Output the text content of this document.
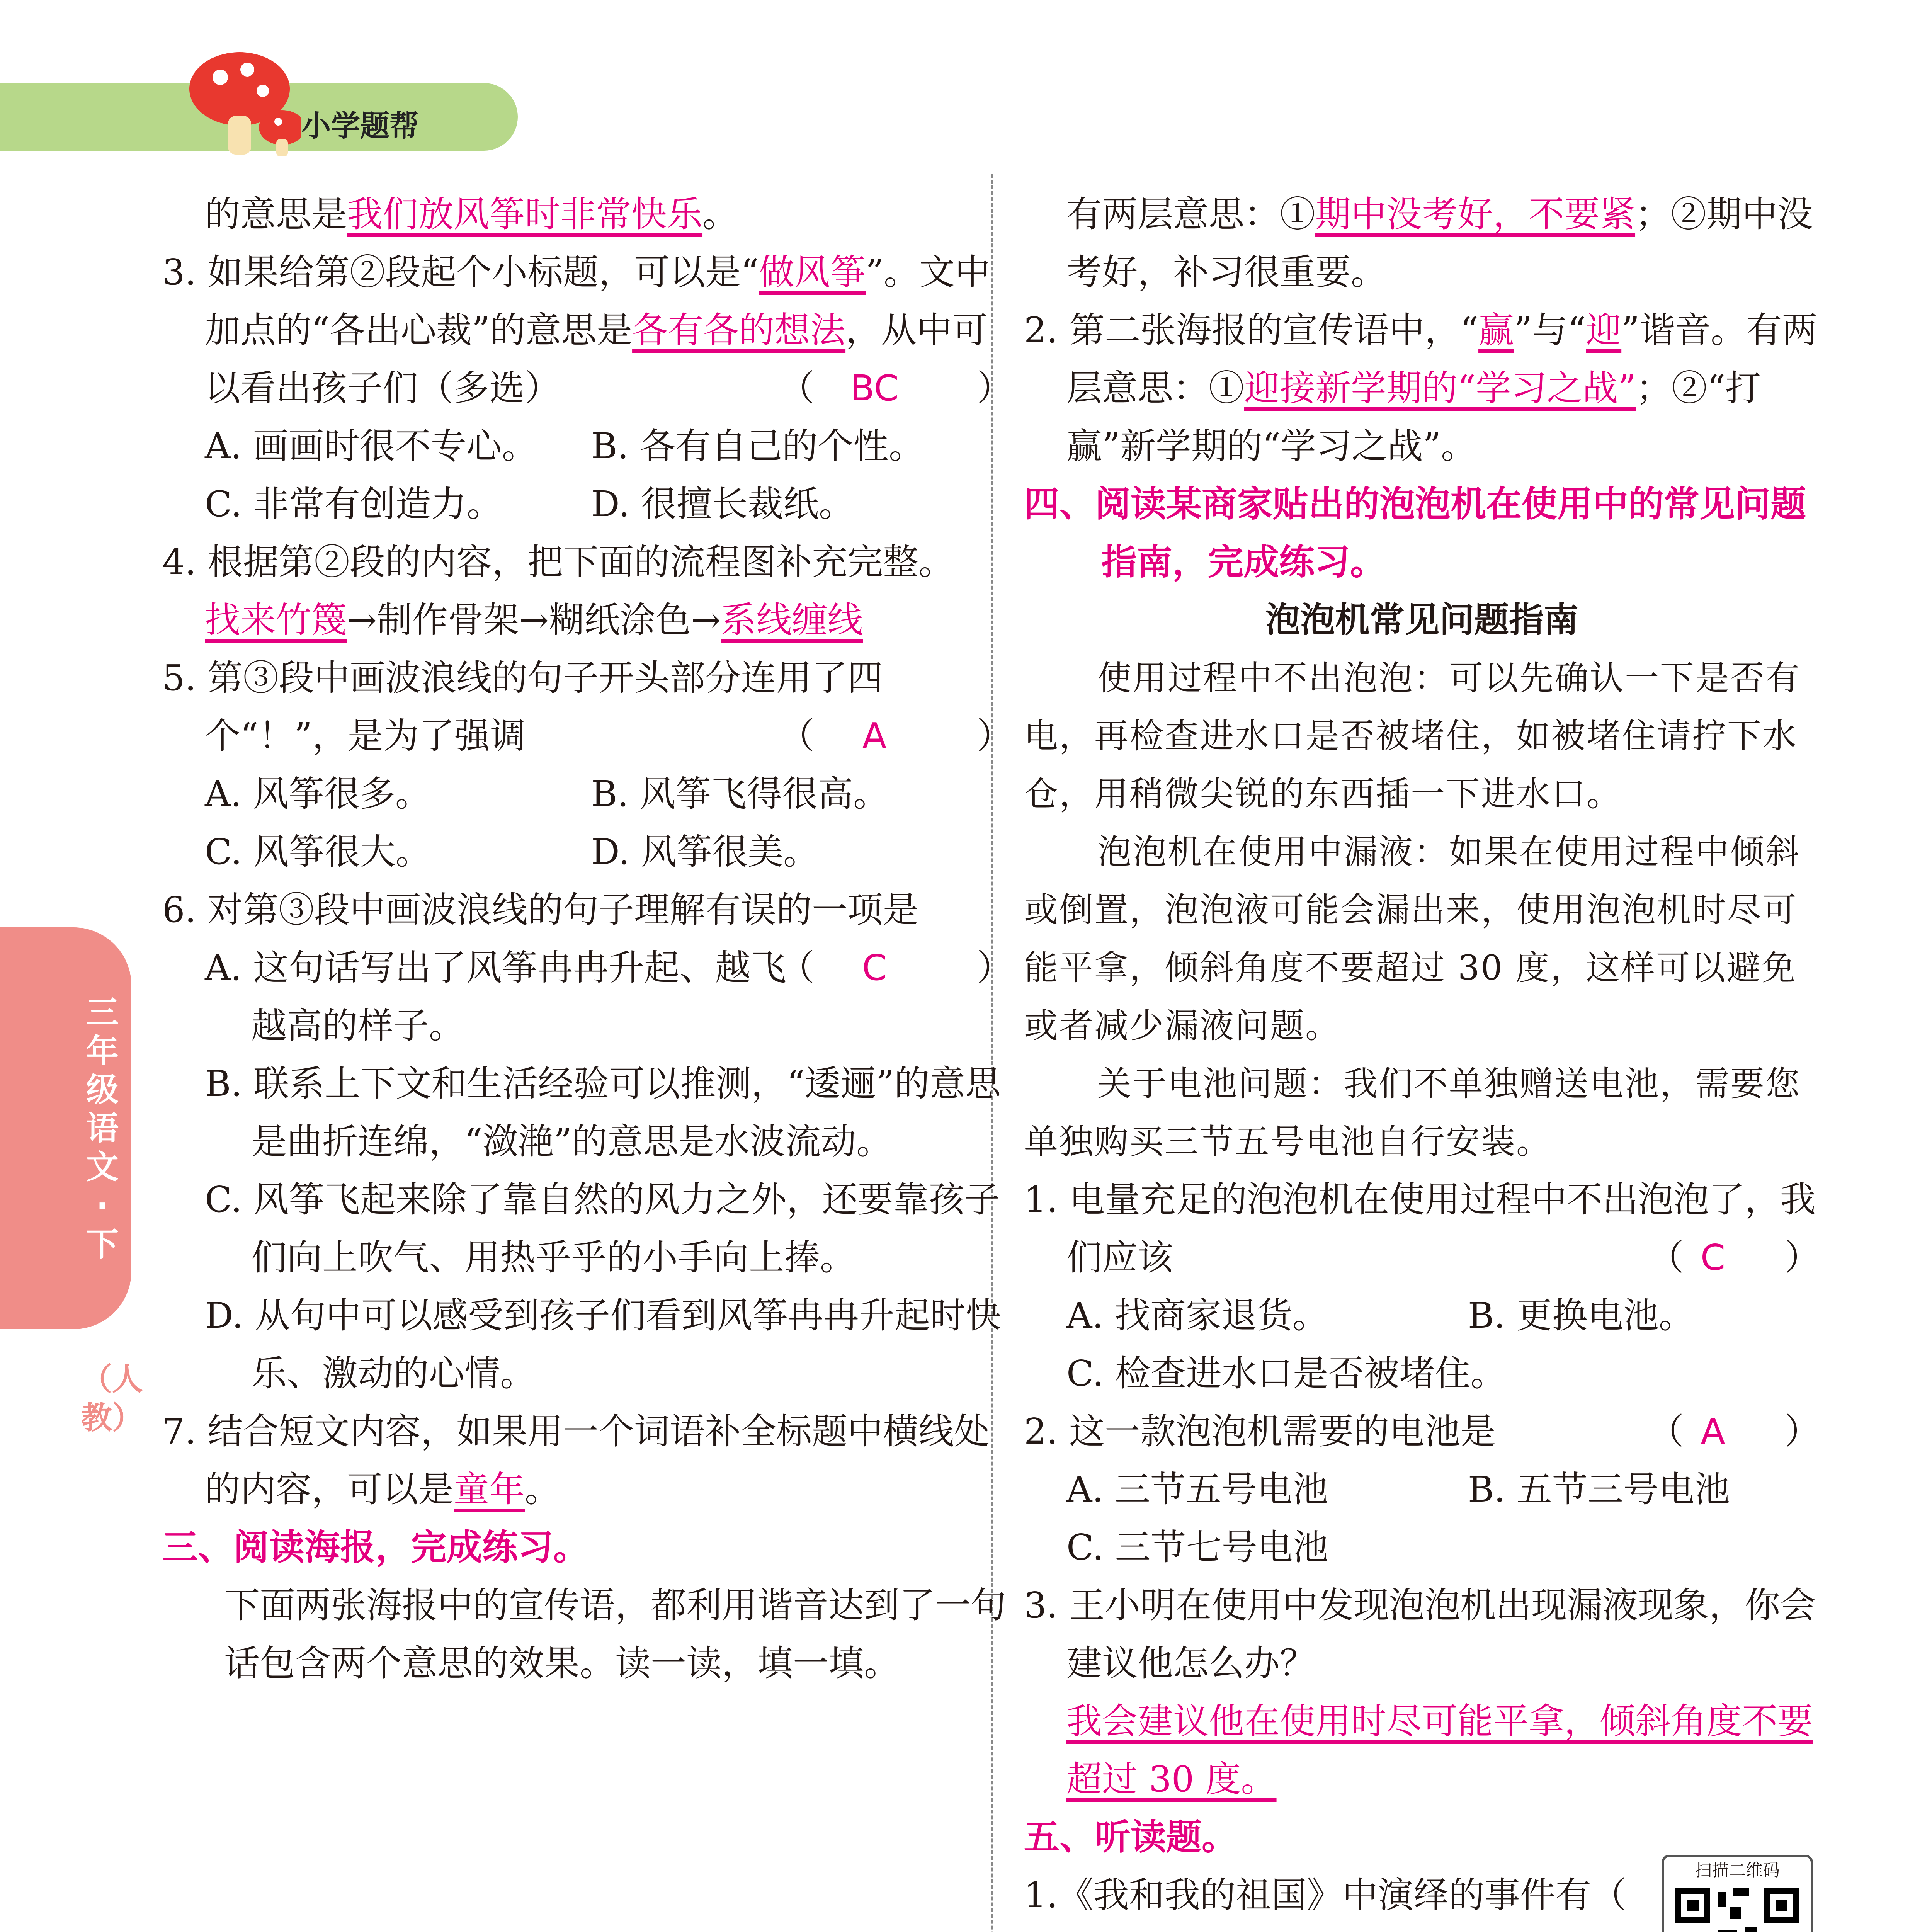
小学题帮
三年级语文·下
（人教）

的意思是我们放风筝时非常快乐。

3. 如果给第②段起个小标题，可以是“做风筝”。文中加点的“各出心裁”的意思是各有各的想法，从中可以看出孩子们（多选）	（ BC ）

A. 画画时很不专心。	B. 各有自己的个性。
C. 非常有创造力。	D. 很擅长裁纸。

4. 根据第②段的内容，把下面的流程图补充完整。

找来竹篾→制作骨架→糊纸涂色→系线缠线

5. 第③段中画波浪线的句子开头部分连用了四个“！”，是为了强调	（ A	）

A. 风筝很多。	B. 风筝飞得很高。
C. 风筝很大。	D. 风筝很美。

6. 对第③段中画波浪线的句子理解有误的一项是
（ C	）

A. 这句话写出了风筝冉冉升起、越飞越高的样子。

B. 联系上下文和生活经验可以推测，“逶逦”的意思是曲折连绵，“潋滟”的意思是水波流动。

C. 风筝飞起来除了靠自然的风力之外，还要靠孩子们向上吹气、用热乎乎的小手向上捧。

D. 从句中可以感受到孩子们看到风筝冉冉升起时快乐、激动的心情。

7. 结合短文内容，如果用一个词语补全标题中横线处的内容，可以是童年。

三、阅读海报，完成练习。

下面两张海报中的宣传语，都利用谐音达到了一句话包含两个意思的效果。读一读，填一填。

有两层意思：①期中没考好，不要紧；②期中没考好，补习很重要。

2. 第二张海报的宣传语中，“赢”与“迎”谐音。有两层意思：①迎接新学期的“学习之战”；②“打赢”新学期的“学习之战”。

四、阅读某商家贴出的泡泡机在使用中的常见问题指南，完成练习。

泡泡机常见问题指南

使用过程中不出泡泡：可以先确认一下是否有电，再检查进水口是否被堵住，如被堵住请拧下水仓，用稍微尖锐的东西插一下进水口。

泡泡机在使用中漏液：如果在使用过程中倾斜或倒置，泡泡液可能会漏出来，使用泡泡机时尽可能平拿，倾斜角度不要超过 30 度，这样可以避免或者减少漏液问题。

关于电池问题：我们不单独赠送电池，需要您单独购买三节五号电池自行安装。

1. 电量充足的泡泡机在使用过程中不出泡泡了，我们应该	（ C ）

A. 找商家退货。	B. 更换电池。
C. 检查进水口是否被堵住。

2. 这一款泡泡机需要的电池是	（ A ）

A. 三节五号电池	B. 五节三号电池
C. 三节七号电池

3. 王小明在使用中发现泡泡机出现漏液现象，你会建议他怎么办？

我会建议他在使用时尽可能平拿，倾斜角度不要超过 30 度。

五、听读题。

1.《我和我的祖国》中演绎的事件有（

扫描二维码
